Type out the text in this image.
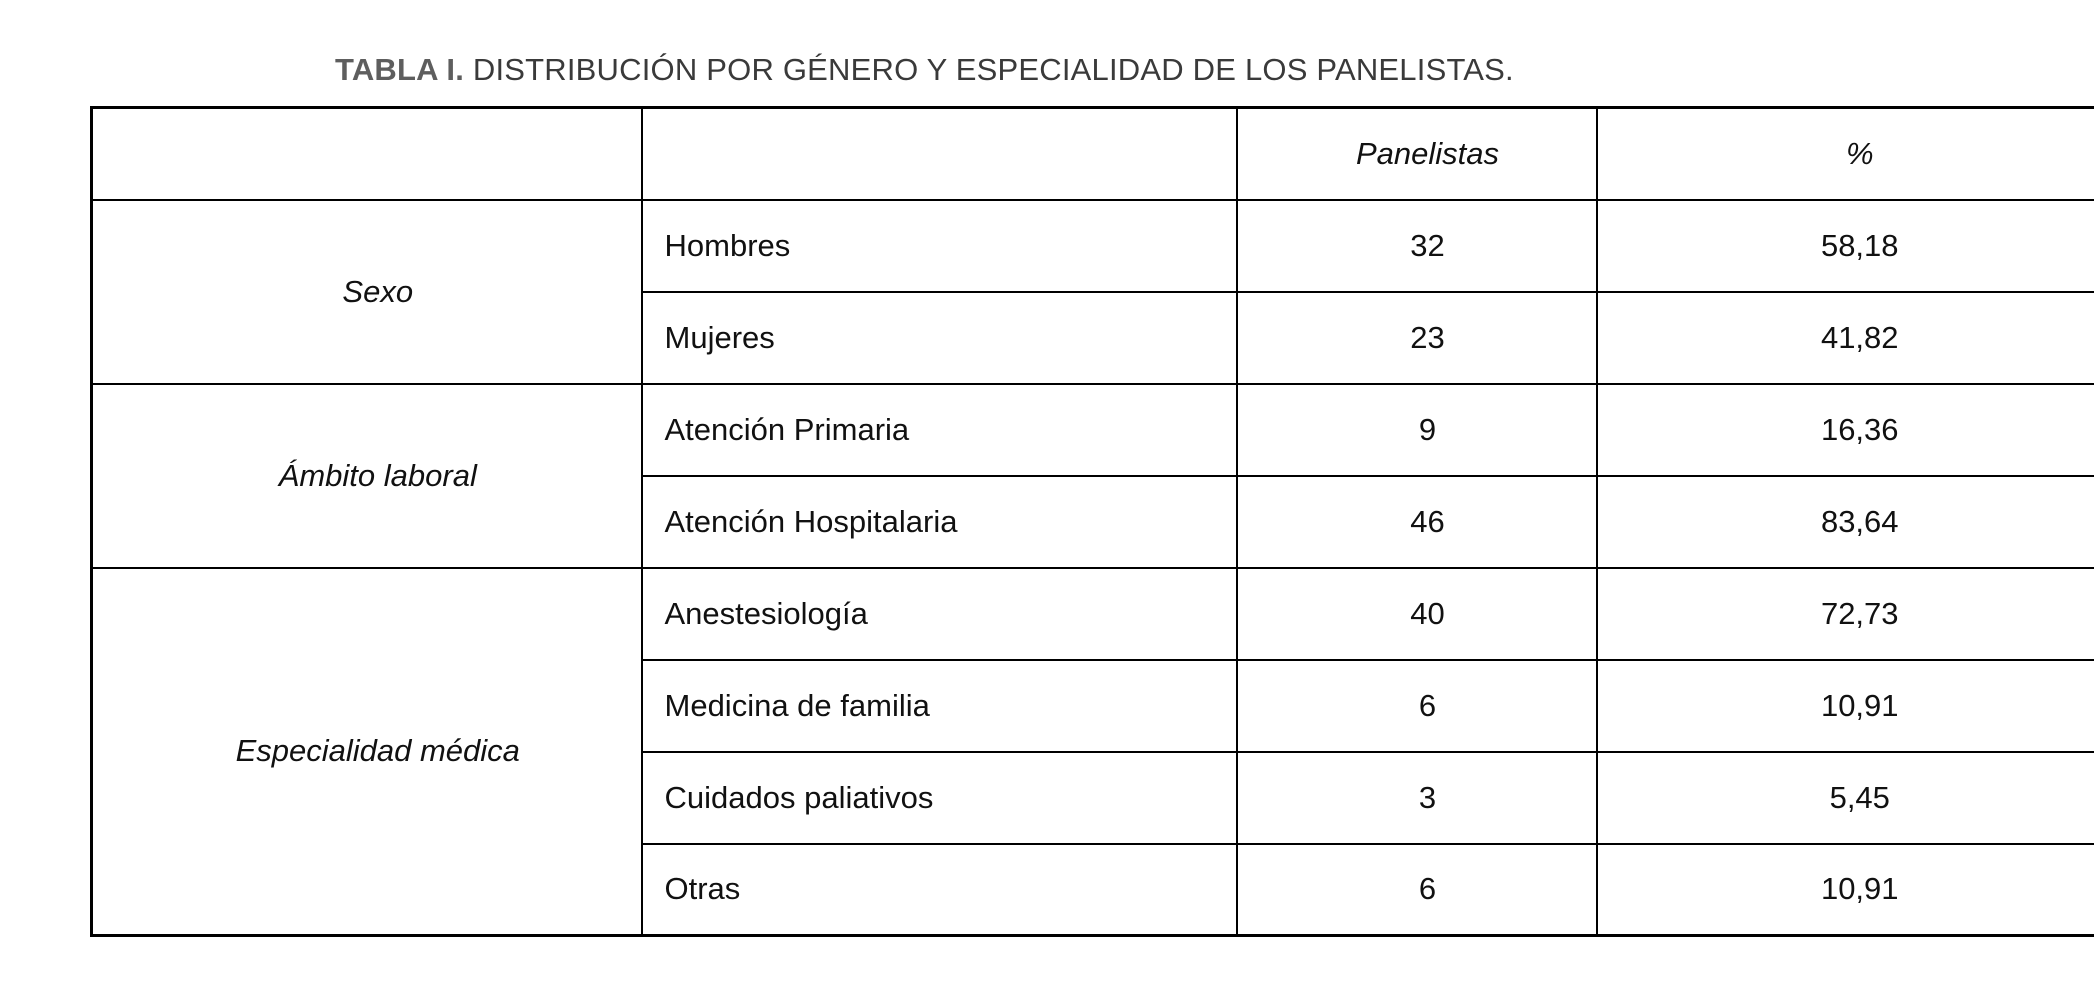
TABLA I. DISTRIBUCIÓN POR GÉNERO Y ESPECIALIDAD DE LOS PANELISTAS.
		Panelistas	%
Sexo	Hombres	32	58,18
	Mujeres	23	41,82
Ámbito laboral	Atención Primaria	9	16,36
	Atención Hospitalaria	46	83,64
Especialidad médica	Anestesiología	40	72,73
	Medicina de familia	6	10,91
	Cuidados paliativos	3	5,45
	Otras	6	10,91
